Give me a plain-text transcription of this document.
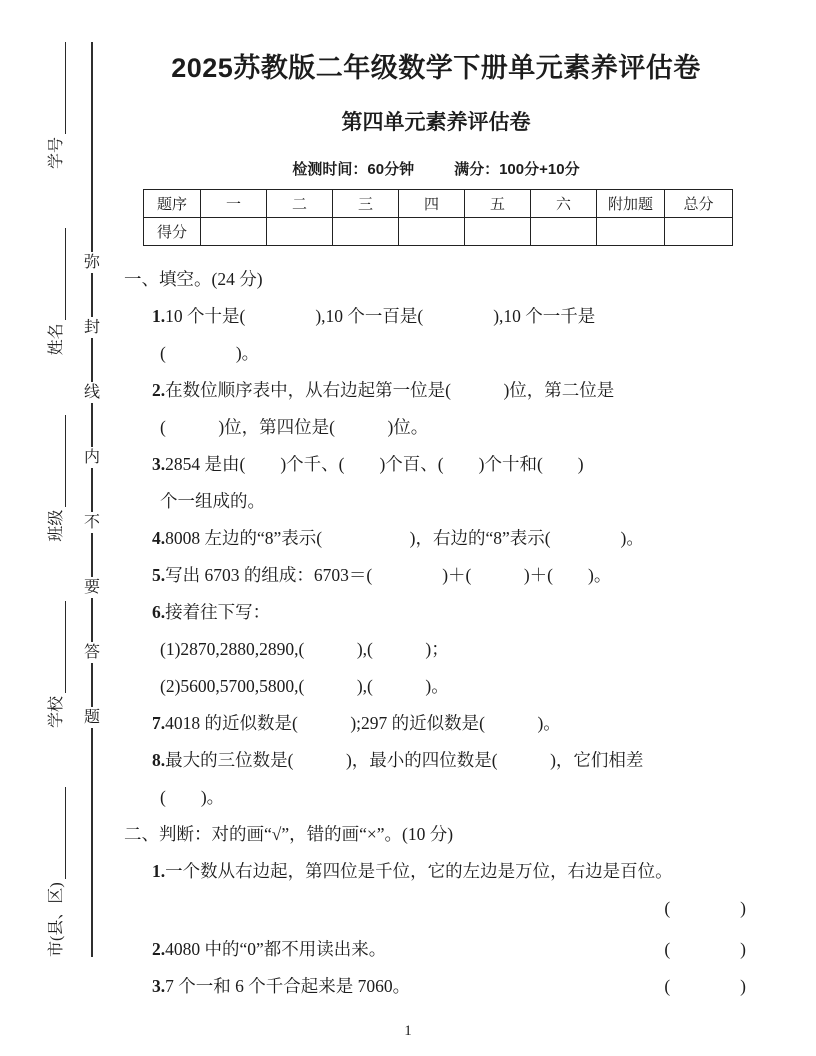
市(县、区)
学校
班级
姓名
学号
弥
封
线
内
不
要
答
题
2025苏教版二年级数学下册单元素养评估卷
第四单元素养评估卷
检测时间：60分钟	满分：100分+10分
题序	一	二	三	四	五	六	附加题	总分
得分								
一、填空。(24 分)
1.10 个十是(　　　　),10 个一百是(　　　　),10 个一千是
(　　　　)。
2.在数位顺序表中，从右边起第一位是(　　　)位，第二位是
(　　　)位，第四位是(　　　)位。
3.2854 是由(　　)个千、(　　)个百、(　　)个十和(　　)
个一组成的。
4.8008 左边的“8”表示(　　　　　)，右边的“8”表示(　　　　)。
5.写出 6703 的组成：6703＝(　　　　)＋(　　　)＋(　　)。
6.接着往下写：
(1)2870,2880,2890,(　　　),(　　　)；
(2)5600,5700,5800,(　　　),(　　　)。
7.4018 的近似数是(　　　);297 的近似数是(　　　)。
8.最大的三位数是(　　　)，最小的四位数是(　　　)，它们相差
(　　)。
二、判断：对的画“√”，错的画“×”。(10 分)
1.一个数从右边起，第四位是千位，它的左边是万位，右边是百位。
(　　　　)
2.4080 中的“0”都不用读出来。	(　　　　)
3.7 个一和 6 个千合起来是 7060。	(　　　　)
1
